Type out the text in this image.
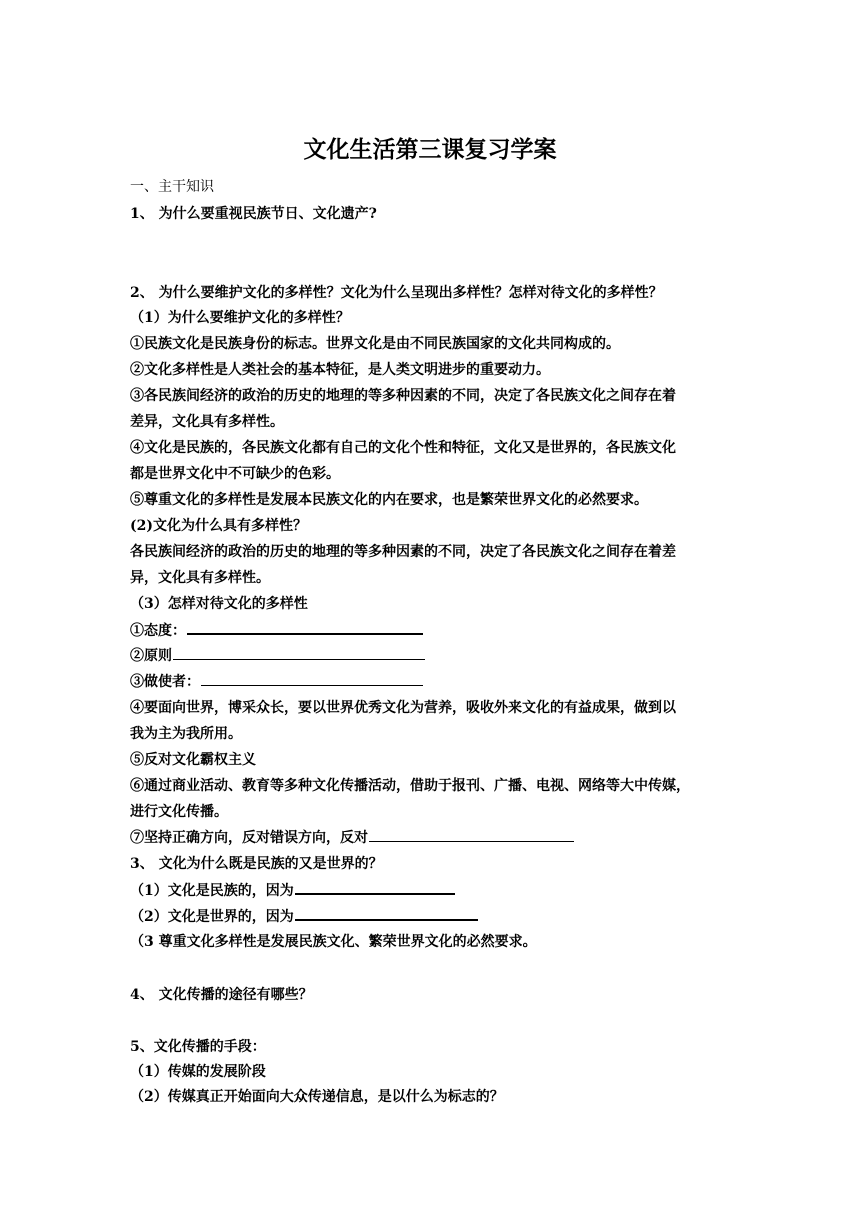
文化生活第三课复习学案
一、主干知识
1、 为什么要重视民族节日、文化遗产?
2、 为什么要维护文化的多样性？文化为什么呈现出多样性？怎样对待文化的多样性？
（1）为什么要维护文化的多样性？
①民族文化是民族身份的标志。世界文化是由不同民族国家的文化共同构成的。
②文化多样性是人类社会的基本特征，是人类文明进步的重要动力。
③各民族间经济的政治的历史的地理的等多种因素的不同，决定了各民族文化之间存在着
差异，文化具有多样性。
④文化是民族的，各民族文化都有自己的文化个性和特征，文化又是世界的，各民族文化
都是世界文化中不可缺少的色彩。
⑤尊重文化的多样性是发展本民族文化的内在要求，也是繁荣世界文化的必然要求。
(2)文化为什么具有多样性？
各民族间经济的政治的历史的地理的等多种因素的不同，决定了各民族文化之间存在着差
异，文化具有多样性。
（3）怎样对待文化的多样性
①态度：
②原则
③做使者：
④要面向世界，博采众长，要以世界优秀文化为营养，吸收外来文化的有益成果，做到以
我为主为我所用。
⑤反对文化霸权主义
⑥通过商业活动、教育等多种文化传播活动，借助于报刊、广播、电视、网络等大中传媒，
进行文化传播。
⑦坚持正确方向，反对错误方向，反对
3、 文化为什么既是民族的又是世界的？
（1）文化是民族的，因为
（2）文化是世界的，因为
（3 尊重文化多样性是发展民族文化、繁荣世界文化的必然要求。
4、 文化传播的途径有哪些？
5、文化传播的手段：
（1）传媒的发展阶段
（2）传媒真正开始面向大众传递信息，是以什么为标志的？
